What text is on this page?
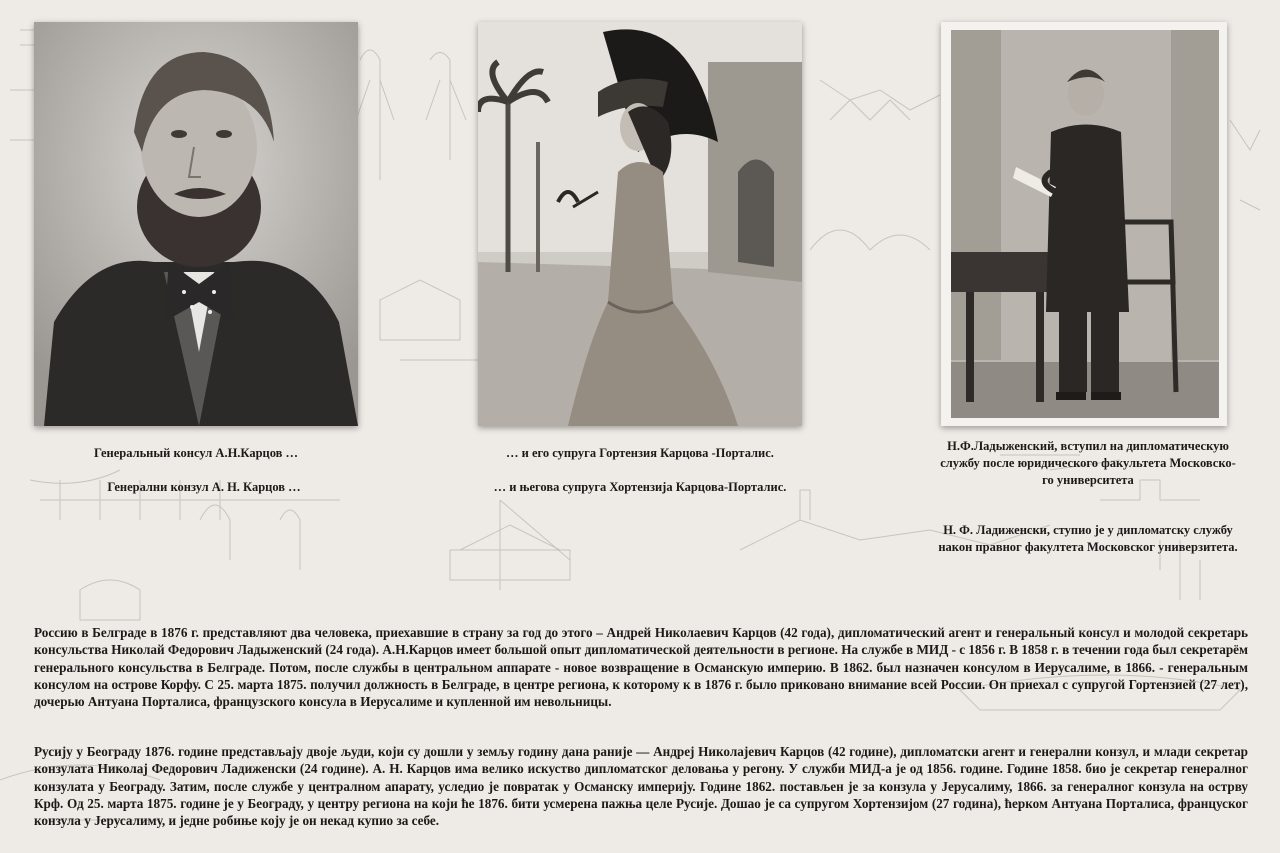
Генеральный консул А.Н.Карцов …
Генерални конзул А. Н. Карцов …
… и его супруга Гортензия Карцова -Порталис.
… и његова супруга Хортензија Карцова-Порталис.
Н.Ф.Ладыженский, вступил на дипломатическую
службу после юридического факультета Московско-
го университета
Н. Ф. Ладиженски, ступио је у дипломатску службу
након правног факултета Московског универзитета.

Россию в Белграде в 1876 г. представляют два человека, приехавшие в страну за год до этого – Андрей Николаевич Карцов (42 года), дипломатический агент и генеральный консул и молодой секретарь консульства Николай Федорович Ладыженский (24 года). А.Н.Карцов имеет большой опыт дипломатической деятельности в регионе. На службе в МИД - с 1856 г. В 1858 г. в течении года был секретарём генерального консульства в Белграде. Потом, после службы в центральном аппарате - новое возвращение в Османскую империю. В 1862. был назначен консулом в Иерусалиме, в 1866. - генеральным консулом на острове Корфу. С 25. марта 1875. получил должность в Белграде, в центре региона, к которому к в 1876 г. было приковано внимание всей России. Он приехал с супругой Гортензией (27 лет), дочерью Антуана Порталиса, французского консула в Иерусалиме и купленной им невольницы.

Русију у Београду 1876. године представљају двоје људи, који су дошли у земљу годину дана раније — Андреј Николајевич Карцов (42 године), дипломатски агент и генерални конзул, и млади секретар конзулата Николај Федорович Ладиженски (24 године). А. Н. Карцов има велико искуство дипломатског деловања у регону. У служби МИД-а је од 1856. године. Године 1858. био је секретар генералног конзулата у Београду. Затим, после службе у централном апарату, уследио је повратак у Османску империју. Године 1862. постављен је за конзула у Јерусалиму, 1866. за генералног конзула на острву Крф. Од 25. марта 1875. године је у Београду, у центру региона на који ће 1876. бити усмерена пажња целе Русије. Дошао је са супругом Хортензијом (27 година), ћерком Антуана Порталиса, француског конзула у Јерусалиму, и једне робиње коју је он некад купио за себе.
